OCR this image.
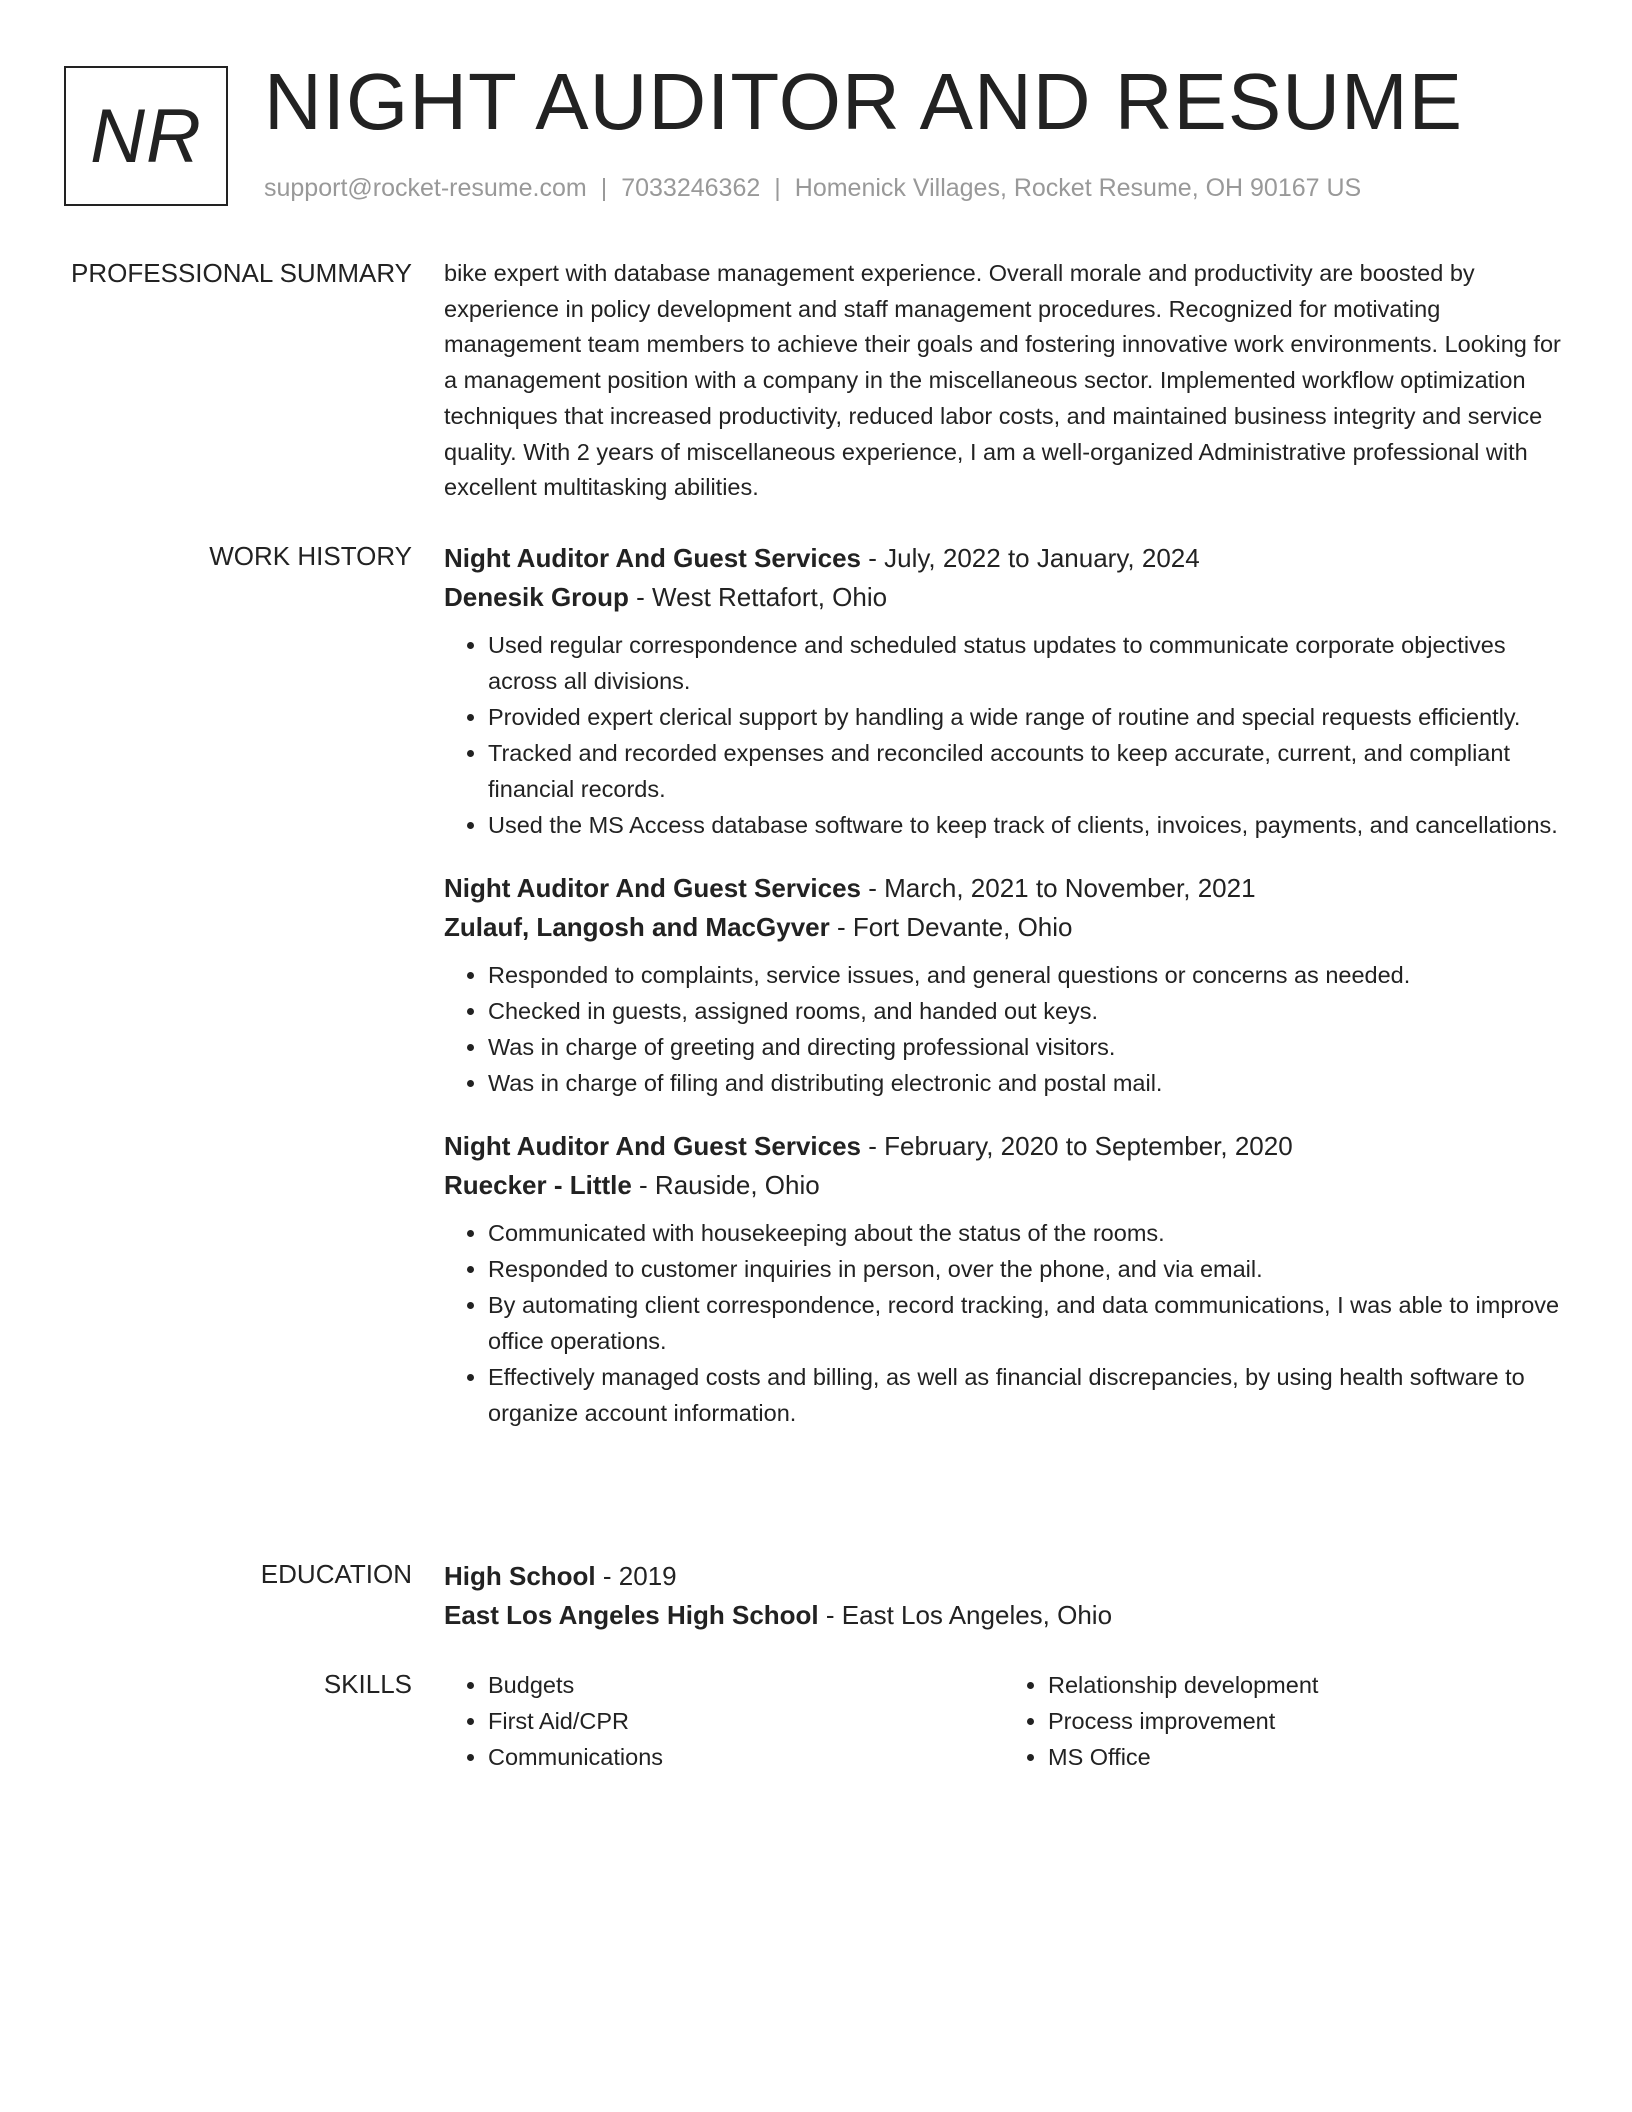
NR NIGHT AUDITOR AND RESUME
support@rocket-resume.com | 7033246362 | Homenick Villages, Rocket Resume, OH 90167 US
PROFESSIONAL SUMMARY bike expert with database management experience. Overall morale and productivity are boosted by experience in policy development and staff management procedures. Recognized for motivating management team members to achieve their goals and fostering innovative work environments. Looking for a management position with a company in the miscellaneous sector. Implemented workflow optimization techniques that increased productivity, reduced labor costs, and maintained business integrity and service quality. With 2 years of miscellaneous experience, I am a well-organized Administrative professional with excellent multitasking abilities.

WORK HISTORY Night Auditor And Guest Services - July, 2022 to January, 2024
Denesik Group - West Rettafort, Ohio
• Used regular correspondence and scheduled status updates to communicate corporate objectives across all divisions.
• Provided expert clerical support by handling a wide range of routine and special requests efficiently.
• Tracked and recorded expenses and reconciled accounts to keep accurate, current, and compliant financial records.
• Used the MS Access database software to keep track of clients, invoices, payments, and cancellations.
Night Auditor And Guest Services - March, 2021 to November, 2021
Zulauf, Langosh and MacGyver - Fort Devante, Ohio
• Responded to complaints, service issues, and general questions or concerns as needed.
• Checked in guests, assigned rooms, and handed out keys.
• Was in charge of greeting and directing professional visitors.
• Was in charge of filing and distributing electronic and postal mail.
Night Auditor And Guest Services - February, 2020 to September, 2020
Ruecker - Little - Rauside, Ohio
• Communicated with housekeeping about the status of the rooms.
• Responded to customer inquiries in person, over the phone, and via email.
• By automating client correspondence, record tracking, and data communications, I was able to improve office operations.
• Effectively managed costs and billing, as well as financial discrepancies, by using health software to organize account information.
EDUCATION High School - 2019
East Los Angeles High School - East Los Angeles, Ohio
SKILLS
•	Budgets
• First Aid/CPR
• Communications
• Relationship development
• Process improvement
• MS Office
